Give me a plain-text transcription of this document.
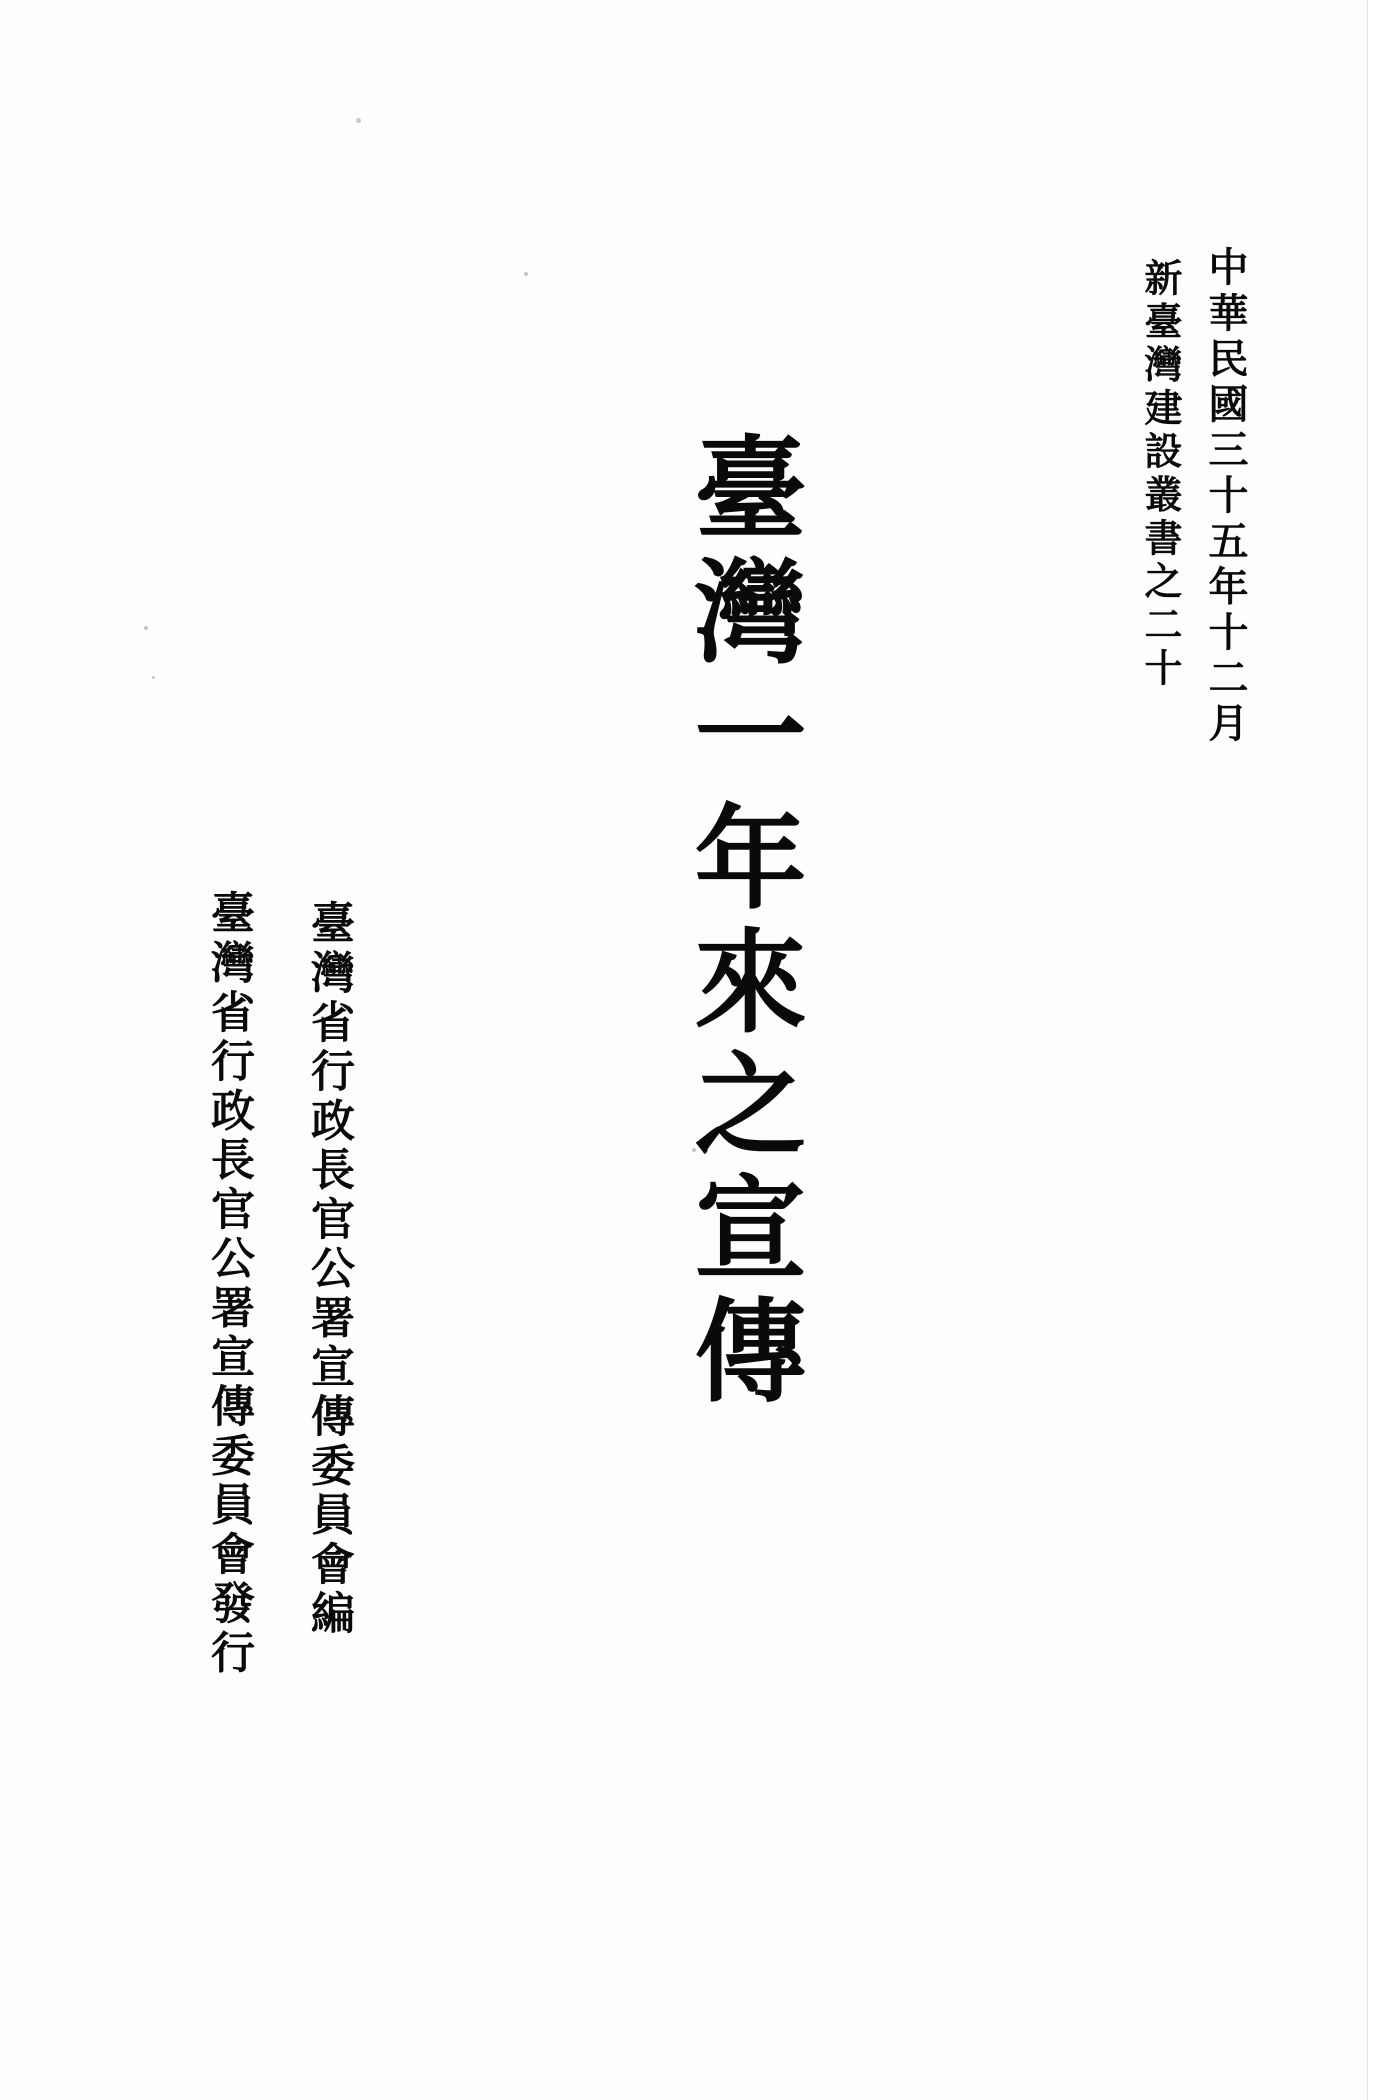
中華民國三十五年十二月
新臺灣建設叢書之二十
臺灣一年來之宣傳
臺灣省行政長官公署宣傳委員會編
臺灣省行政長官公署宣傳委員會發行
